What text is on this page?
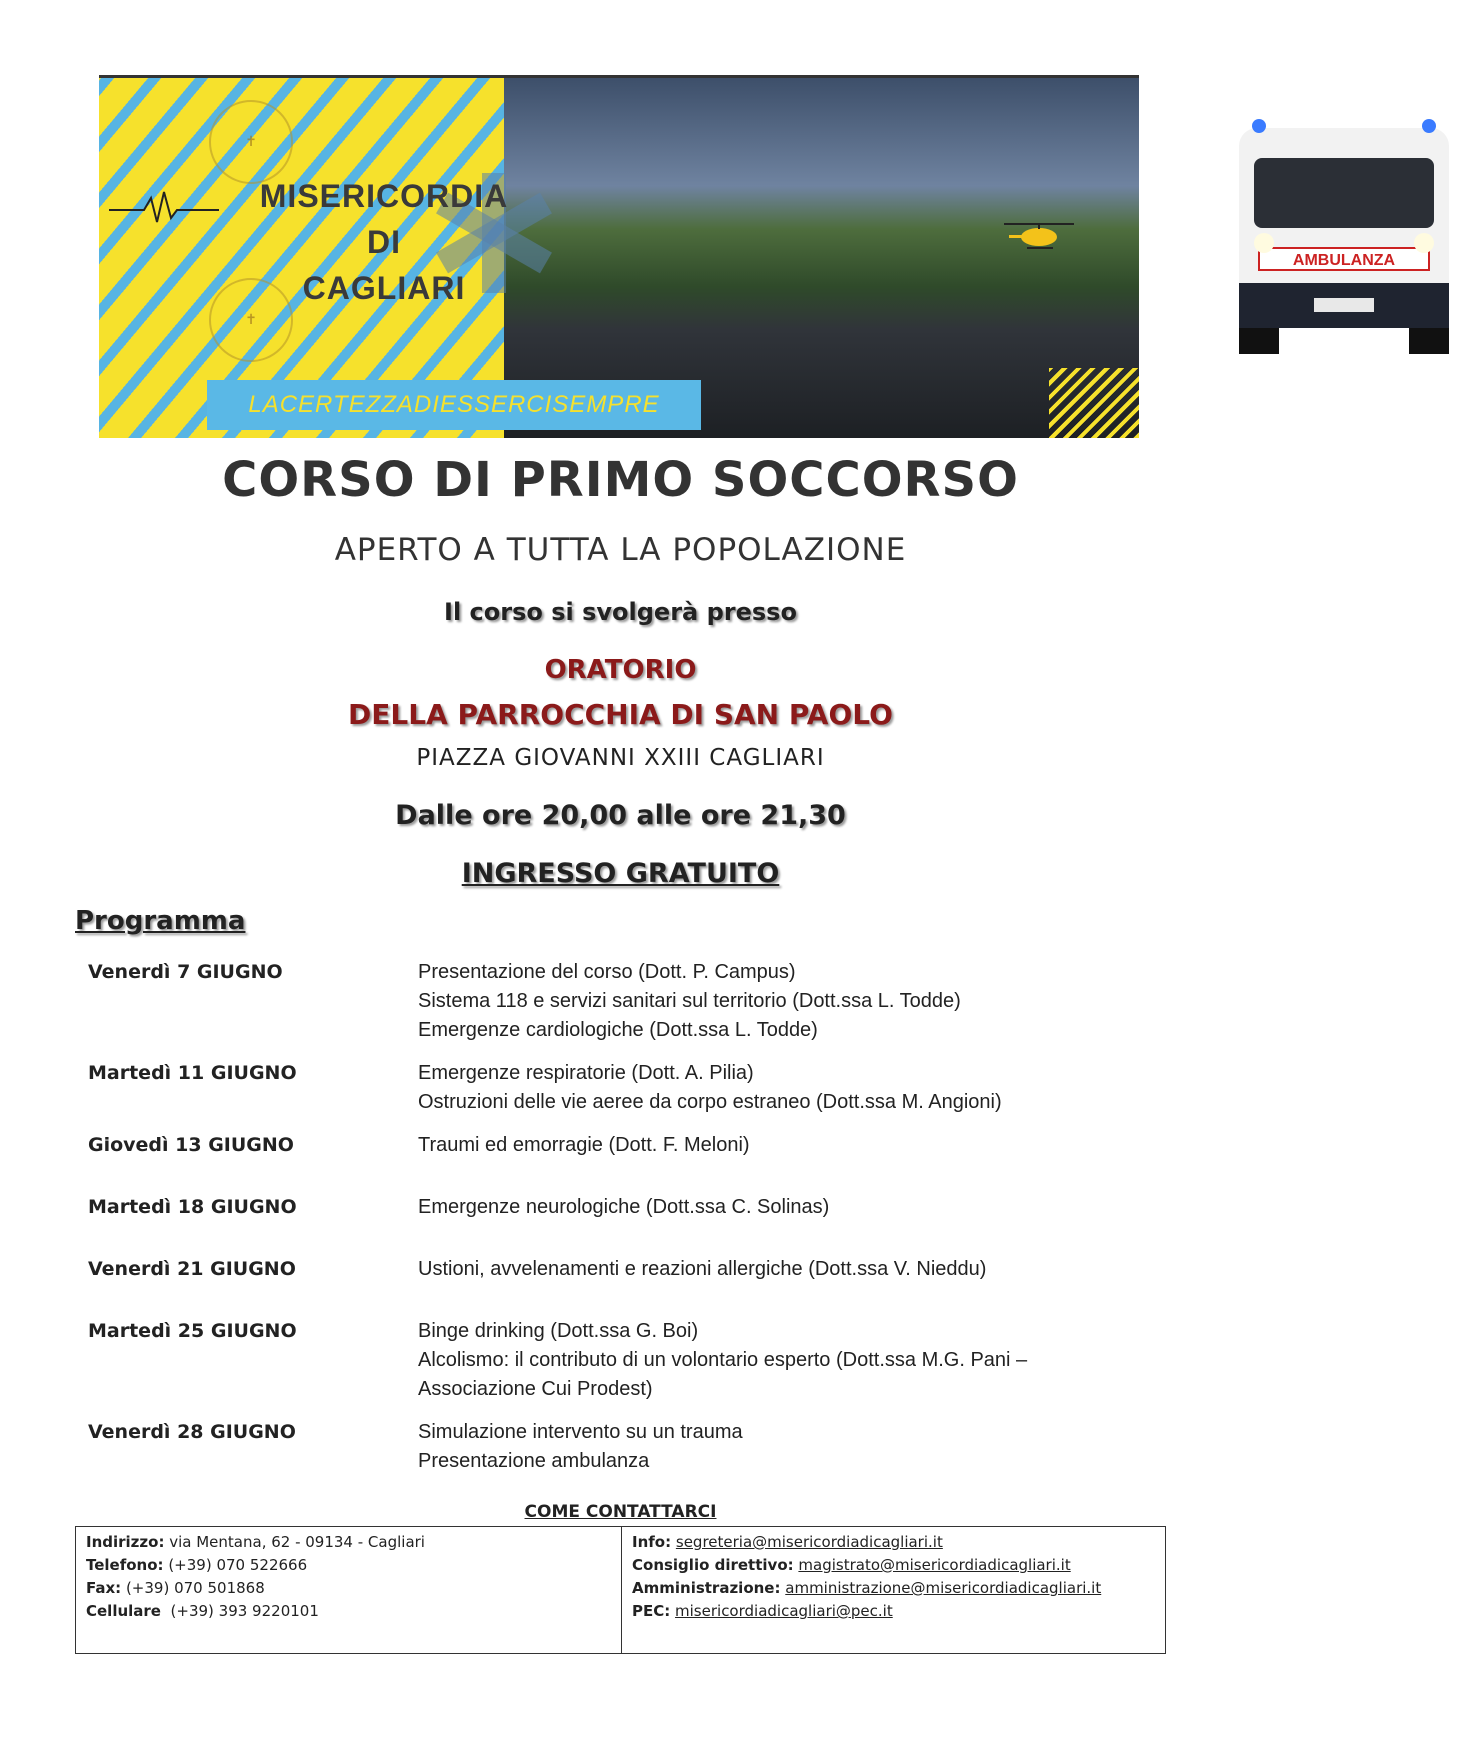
AMBULANZA
✝
✝
MISERICORDIA
DI
CAGLIARI
LACERTEZZADIESSERCISEMPRE
CORSO DI PRIMO SOCCORSO
APERTO A TUTTA LA POPOLAZIONE
Il corso si svolgerà presso
ORATORIO
DELLA PARROCCHIA DI SAN PAOLO
PIAZZA GIOVANNI XXIII CAGLIARI
Dalle ore 20,00 alle ore 21,30
INGRESSO GRATUITO
Programma
Venerdì 7 GIUGNO	Presentazione del corso (Dott. P. Campus)
Sistema 118 e servizi sanitari sul territorio (Dott.ssa L. Todde)
Emergenze cardiologiche (Dott.ssa L. Todde)
Martedì 11 GIUGNO	Emergenze respiratorie (Dott. A. Pilia)
Ostruzioni delle vie aeree da corpo estraneo (Dott.ssa M. Angioni)
Giovedì 13 GIUGNO	Traumi ed emorragie (Dott. F. Meloni)
Martedì 18 GIUGNO	Emergenze neurologiche (Dott.ssa C. Solinas)
Venerdì 21 GIUGNO	Ustioni, avvelenamenti e reazioni allergiche (Dott.ssa V. Nieddu)
Martedì 25 GIUGNO	Binge drinking (Dott.ssa G. Boi)
Alcolismo: il contributo di un volontario esperto (Dott.ssa M.G. Pani –
Associazione Cui Prodest)
Venerdì 28 GIUGNO	Simulazione intervento su un trauma
Presentazione ambulanza
COME CONTATTARCI
Indirizzo: via Mentana, 62 - 09134 - Cagliari
Telefono: (+39) 070 522666
Fax: (+39) 070 501868
Cellulare (+39) 393 9220101
Info: segreteria@misericordiadicagliari.it
Consiglio direttivo: magistrato@misericordiadicagliari.it
Amministrazione: amministrazione@misericordiadicagliari.it
PEC: misericordiadicagliari@pec.it
